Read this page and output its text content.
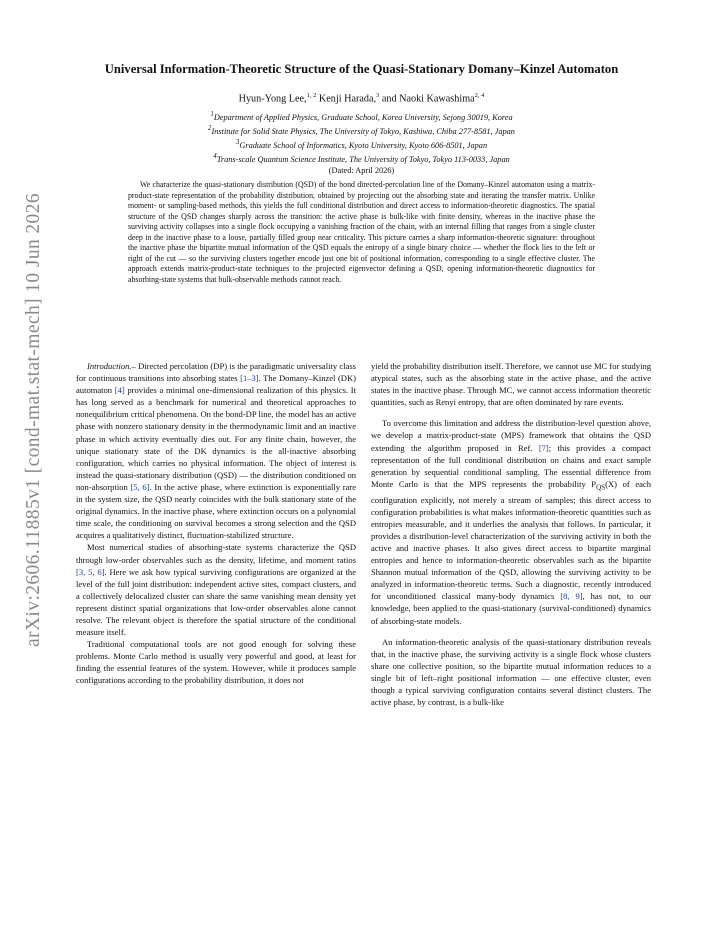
arXiv:2606.11885v1 [cond-mat.stat-mech] 10 Jun 2026
Universal Information-Theoretic Structure of the Quasi-Stationary Domany–Kinzel Automaton
Hyun-Yong Lee,$^{1, 2}$ Kenji Harada,$^3$ and Naoki Kawashima$^{2, 4}$
$^1$Department of Applied Physics, Graduate School, Korea University, Sejong 30019, Korea
$^2$Institute for Solid State Physics, The University of Tokyo, Kashiwa, Chiba 277-8581, Japan
$^3$Graduate School of Informatics, Kyoto University, Kyoto 606-8501, Japan
$^4$Trans-scale Quantum Science Institute, The University of Tokyo, Tokyo 113-0033, Japan
(Dated: April 2026)

We characterize the quasi-stationary distribution (QSD) of the bond directed-percolation line of the Domany–Kinzel automaton using a matrix-product-state representation of the probability distribution, obtained by projecting out the absorbing state and iterating the transfer matrix. Unlike moment- or sampling-based methods, this yields the full conditional distribution and direct access to information-theoretic diagnostics. The spatial structure of the QSD changes sharply across the transition: the active phase is bulk-like with finite density, whereas in the inactive phase the surviving activity collapses into a single flock occupying a vanishing fraction of the chain, with an internal filling that ranges from a single cluster deep in the inactive phase to a loose, partially filled group near criticality. This picture carries a sharp information-theoretic signature: throughout the inactive phase the bipartite mutual information of the QSD equals the entropy of a single binary choice — whether the flock lies to the left or right of the cut — so the surviving clusters together encode just one bit of positional information, corresponding to a single effective cluster. The approach extends matrix-product-state techniques to the projected eigenvector defining a QSD, opening information-theoretic diagnostics for absorbing-state systems that bulk-observable methods cannot reach.

Introduction.– Directed percolation (DP) is the paradigmatic universality class for continuous transitions into absorbing states [1–3]. The Domany–Kinzel (DK) automaton [4] provides a minimal one-dimensional realization of this physics. It has long served as a benchmark for numerical and theoretical approaches to nonequilibrium critical phenomena. On the bond-DP line, the model has an active phase with nonzero stationary density in the thermodynamic limit and an inactive phase in which activity eventually dies out. For any finite chain, however, the unique stationary state of the DK dynamics is the all-inactive absorbing configuration, which carries no physical information. The object of interest is instead the quasi-stationary distribution (QSD) — the distribution conditioned on non-absorption [5, 6]. In the active phase, where extinction is exponentially rare in the system size, the QSD nearly coincides with the bulk stationary state of the original dynamics. In the inactive phase, where extinction occurs on a polynomial time scale, the conditioning on survival becomes a strong selection and the QSD acquires a qualitatively distinct, fluctuation-stabilized structure.

Most numerical studies of absorbing-state systems characterize the QSD through low-order observables such as the density, lifetime, and moment ratios [3, 5, 6]. Here we ask how typical surviving configurations are organized at the level of the full joint distribution: independent active sites, compact clusters, and a collectively delocalized cluster can share the same vanishing mean density yet represent distinct spatial organizations that low-order observables alone cannot resolve. The relevant object is therefore the spatial structure of the conditional measure itself.

Traditional computational tools are not good enough for solving these problems. Monte Carlo method is usually very powerful and good, at least for finding the essential features of the system. However, while it produces sample configurations according to the probability distribution, it does not

yield the probability distribution itself. Therefore, we cannot use MC for studying atypical states, such as the absorbing state in the active phase, and the active states in the inactive phase. Through MC, we cannot access information theoretic quantities, such as Renyi entropy, that are often dominated by rare events.

To overcome this limitation and address the distribution-level question above, we develop a matrix-product-state (MPS) framework that obtains the QSD extending the algorithm proposed in Ref. [7]; this provides a compact representation of the full conditional distribution on chains and exact sample generation by sequential conditional sampling. The essential difference from Monte Carlo is that the MPS represents the probability $P_{QS}(X)$ of each configuration explicitly, not merely a stream of samples; this direct access to configuration probabilities is what makes information-theoretic quantities such as entropies measurable, and it underlies the analysis that follows. In particular, it provides a distribution-level characterization of the surviving activity in both the active and inactive phases. It also gives direct access to bipartite marginal entropies and hence to information-theoretic observables such as the bipartite Shannon mutual information of the QSD, allowing the surviving activity to be analyzed in information-theoretic terms. Such a diagnostic, recently introduced for unconditioned classical many-body dynamics [8, 9], has not, to our knowledge, been applied to the quasi-stationary (survival-conditioned) dynamics of absorbing-state models.

An information-theoretic analysis of the quasi-stationary distribution reveals that, in the inactive phase, the surviving activity is a single flock whose clusters share one collective position, so the bipartite mutual information reduces to a single bit of left–right positional information — one effective cluster, even though a typical surviving configuration contains several distinct clusters. The active phase, by contrast, is a bulk-like
